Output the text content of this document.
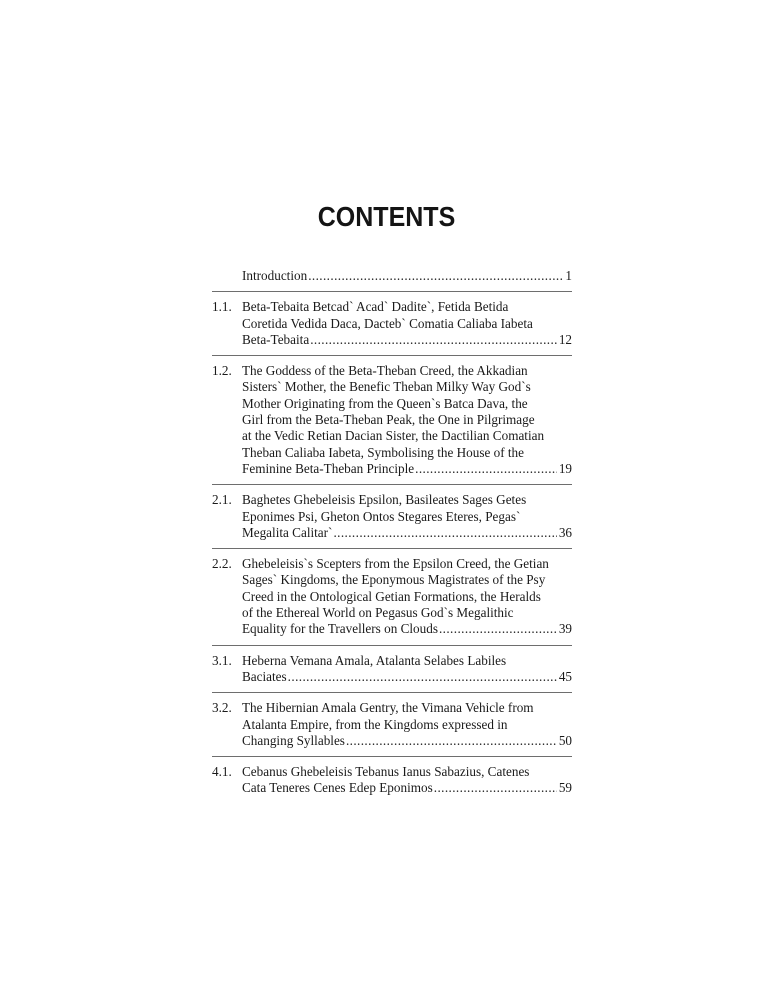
CONTENTS
Introduction .....	1
1.1. Beta-Tebaita Betcad` Acad` Dadite`, Fetida Betida
Coretida Vedida Daca, Dacteb` Comatia Caliaba Iabeta
Beta-Tebaita .....	12
1.2. The Goddess of the Beta-Theban Creed, the Akkadian
Sisters` Mother, the Benefic Theban Milky Way God`s
Mother Originating from the Queen`s Batca Dava, the
Girl from the Beta-Theban Peak, the One in Pilgrimage
at the Vedic Retian Dacian Sister, the Dactilian Comatian
Theban Caliaba Iabeta, Symbolising the House of the
Feminine Beta-Theban Principle .....	19
2.1. Baghetes Ghebeleisis Epsilon, Basileates Sages Getes
Eponimes Psi, Gheton Ontos Stegares Eteres, Pegas`
Megalita Calitar` .....	36
2.2. Ghebeleisis`s Scepters from the Epsilon Creed, the Getian
Sages` Kingdoms, the Eponymous Magistrates of the Psy
Creed in the Ontological Getian Formations, the Heralds
of the Ethereal World on Pegasus God`s Megalithic
Equality for the Travellers on Clouds .....	39
3.1. Heberna Vemana Amala, Atalanta Selabes Labiles
Baciates .....	45
3.2. The Hibernian Amala Gentry, the Vimana Vehicle from
Atalanta Empire, from the Kingdoms expressed in
Changing Syllables .....	50
4.1. Cebanus Ghebeleisis Tebanus Ianus Sabazius, Catenes
Cata Teneres Cenes Edep Eponimos .....	59
